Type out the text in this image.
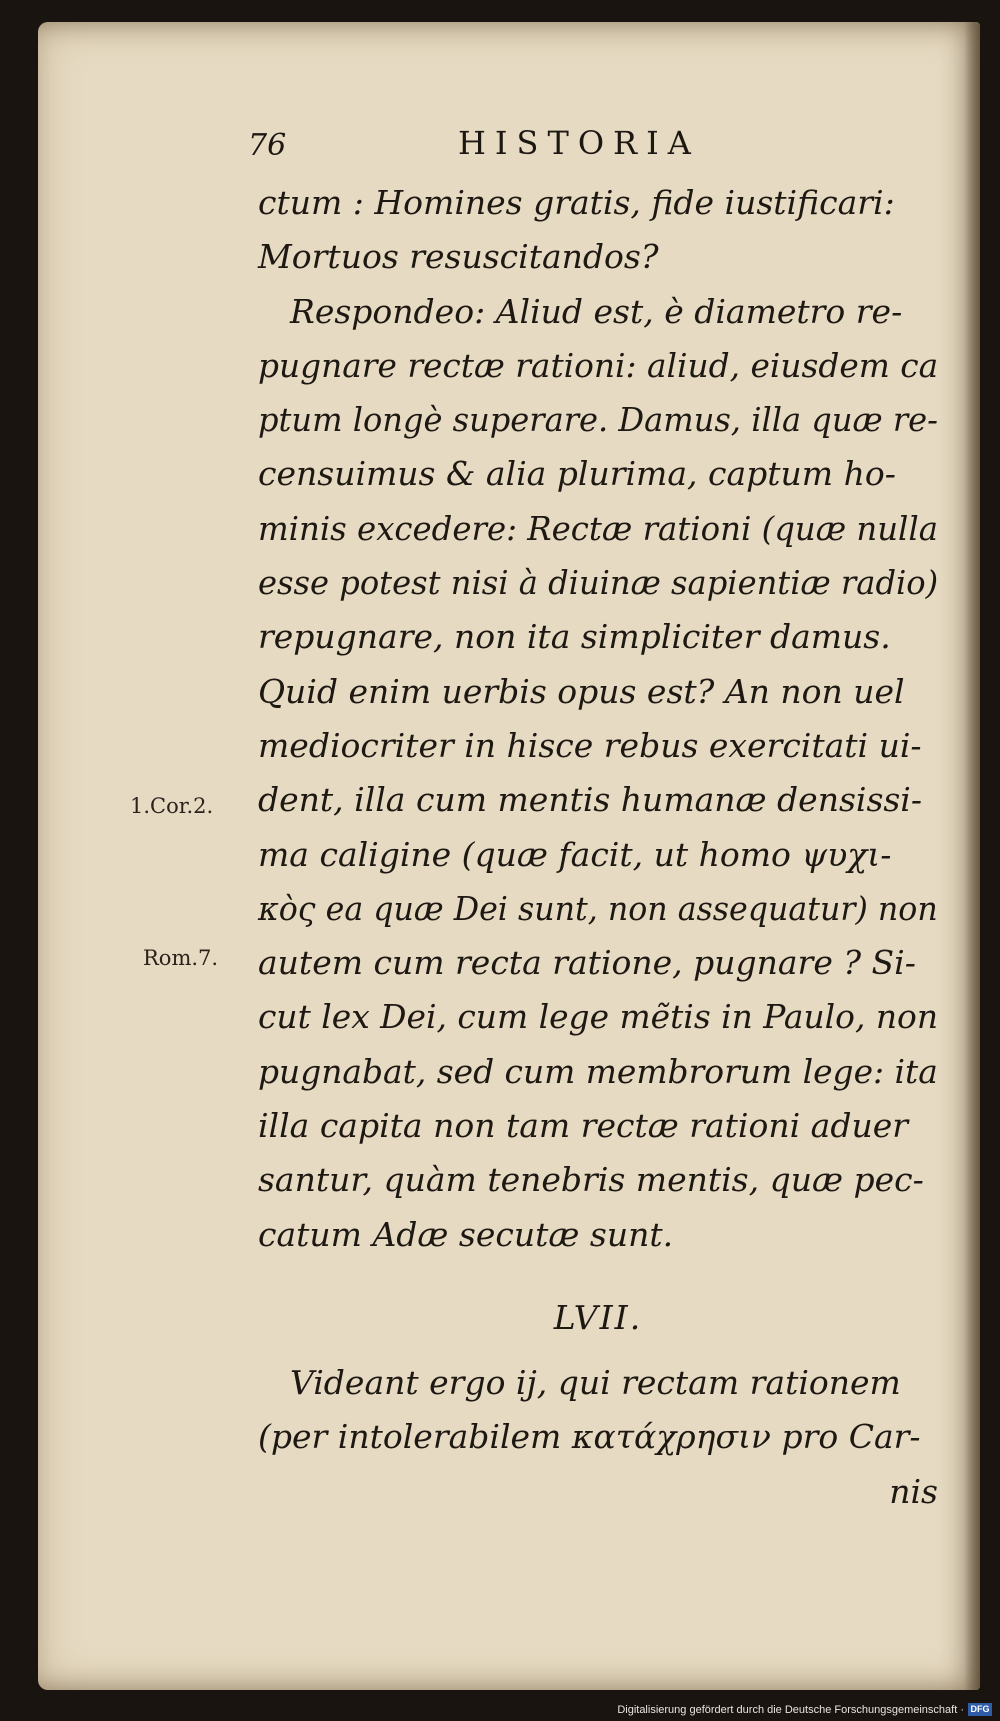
76	HISTORIA
ctum : Homines gratis, fide iustificari:
Mortuos resuscitandos?
Respondeo: Aliud est, è diametro re-
pugnare rectæ rationi: aliud, eiusdem ca
ptum longè superare. Damus, illa quæ re-
censuimus & alia plurima, captum ho-
minis excedere: Rectæ rationi (quæ nulla
esse potest nisi à diuinæ sapientiæ radio)
repugnare, non ita simpliciter damus.
Quid enim uerbis opus est? An non uel
mediocriter in hisce rebus exercitati ui-
dent, illa cum mentis humanæ densissi-
ma caligine (quæ facit, ut homo ψυχι-
κὸς ea quæ Dei sunt, non assequatur) non
autem cum recta ratione, pugnare ? Si-
cut lex Dei, cum lege mẽtis in Paulo, non
pugnabat, sed cum membrorum lege: ita
illa capita non tam rectæ rationi aduer
santur, quàm tenebris mentis, quæ pec-
catum Adæ secutæ sunt.
LVII.
Videant ergo ij, qui rectam rationem
(per intolerabilem κατάχρησιν pro Car-
nis
1.Cor.2.
Rom.7.
Digitalisierung gefördert durch die Deutsche Forschungsgemeinschaft · DFG
